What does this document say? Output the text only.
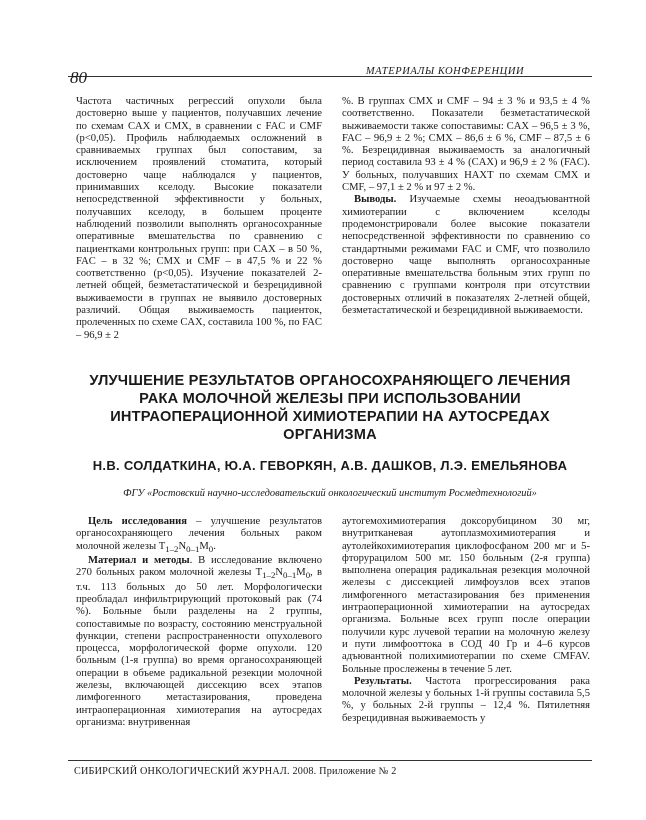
80	МАТЕРИАЛЫ КОНФЕРЕНЦИИ

Частота частичных регрессий опухоли была достоверно выше у пациентов, получавших лечение по схемам CAX и CMX, в сравнении с FAC и CMF (p<0,05). Профиль наблюдаемых осложнений в сравниваемых группах был сопоставим, за исключением проявлений стоматита, который достоверно чаще наблюдался у пациентов, принимавших кселоду. Высокие показатели непосредственной эффективности у больных, получавших кселоду, в большем проценте наблюдений позволили выполнять органосохранные оперативные вмешательства по сравнению с пациентками контрольных групп: при CAX – в 50 %, FAC – в 32 %; CMX и CMF – в 47,5 % и 22 % соответственно (p<0,05). Изучение показателей 2-летней общей, безметастатической и безрецидивной выживаемости в группах не выявило достоверных различий. Общая выживаемость пациенток, пролеченных по схеме CAX, составила 100 %, по FAC – 96,9 ± 2

%. В группах CMX и CMF – 94 ± 3 % и 93,5 ± 4 % соответственно. Показатели безметастатической выживаемости также сопоставимы: CAX – 96,5 ± 3 %, FAC – 96,9 ± 2 %; CMX – 86,6 ± 6 %, CMF – 87,5 ± 6 %. Безрецидивная выживаемость за аналогичный период составила 93 ± 4 % (CAX) и 96,9 ± 2 % (FAC). У больных, получавших HAXT по схемам CMX и CMF, – 97,1 ± 2 % и 97 ± 2 %.

Выводы. Изучаемые схемы неоадъювантной химиотерапии с включением кселоды продемонстрировали более высокие показатели непосредственной эффективности по сравнению со стандартными режимами FAC и CMF, что позволило достоверно чаще выполнять органосохранные оперативные вмешательства больным этих групп по сравнению с группами контроля при отсутствии достоверных отличий в показателях 2-летней общей, безметастатической и безрецидивной выживаемости.

УЛУЧШЕНИЕ РЕЗУЛЬТАТОВ ОРГАНОСОХРАНЯЮЩЕГО ЛЕЧЕНИЯ РАКА МОЛОЧНОЙ ЖЕЛЕЗЫ ПРИ ИСПОЛЬЗОВАНИИ ИНТРАОПЕРАЦИОННОЙ ХИМИОТЕРАПИИ НА АУТОСРЕДАХ ОРГАНИЗМА
Н.В. СОЛДАТКИНА, Ю.А. ГЕВОРКЯН, А.В. ДАШКОВ, Л.Э. ЕМЕЛЬЯНОВА
ФГУ «Ростовский научно-исследовательский онкологический институт Росмедтехнологий»

Цель исследования – улучшение результатов органосохраняющего лечения больных раком молочной железы $T_{1-2}N_{0-1}M_0$.

Материал и методы. В исследование включено 270 больных раком молочной железы $T_{1-2}N_{0-1}M_0$, в т.ч. 113 больных до 50 лет. Морфологически преобладал инфильтрирующий протоковый рак (74 %). Больные были разделены на 2 группы, сопоставимые по возрасту, состоянию менструальной функции, степени распространенности опухолевого процесса, морфологической форме опухоли. 120 больным (1-я группа) во время органосохраняющей операции в объеме радикальной резекции молочной железы, включающей диссекцию всех этапов лимфогенного метастазирования, проведена интраоперационная химиотерапия на аутосредах организма: внутривенная

аутогемохимиотерапия доксорубицином 30 мг, внутритканевая аутоплазмохимиотерапия и аутолейкохимиотерапия циклофосфаном 200 мг и 5-фторурацилом 500 мг. 150 больным (2-я группа) выполнена операция радикальная резекция молочной железы с диссекцией лимфоузлов всех этапов лимфогенного метастазирования без применения интраоперационной химиотерапии на аутосредах организма. Больные всех групп после операции получили курс лучевой терапии на молочную железу и пути лимфооттока в СОД 40 Гр и 4–6 курсов адъювантной полихимиотерапии по схеме CMFAV. Больные прослежены в течение 5 лет.

Результаты. Частота прогрессирования рака молочной железы у больных 1-й группы составила 5,5 %, у больных 2-й группы – 12,4 %. Пятилетняя безрецидивная выживаемость у

СИБИРСКИЙ ОНКОЛОГИЧЕСКИЙ ЖУРНАЛ. 2008. Приложение № 2
